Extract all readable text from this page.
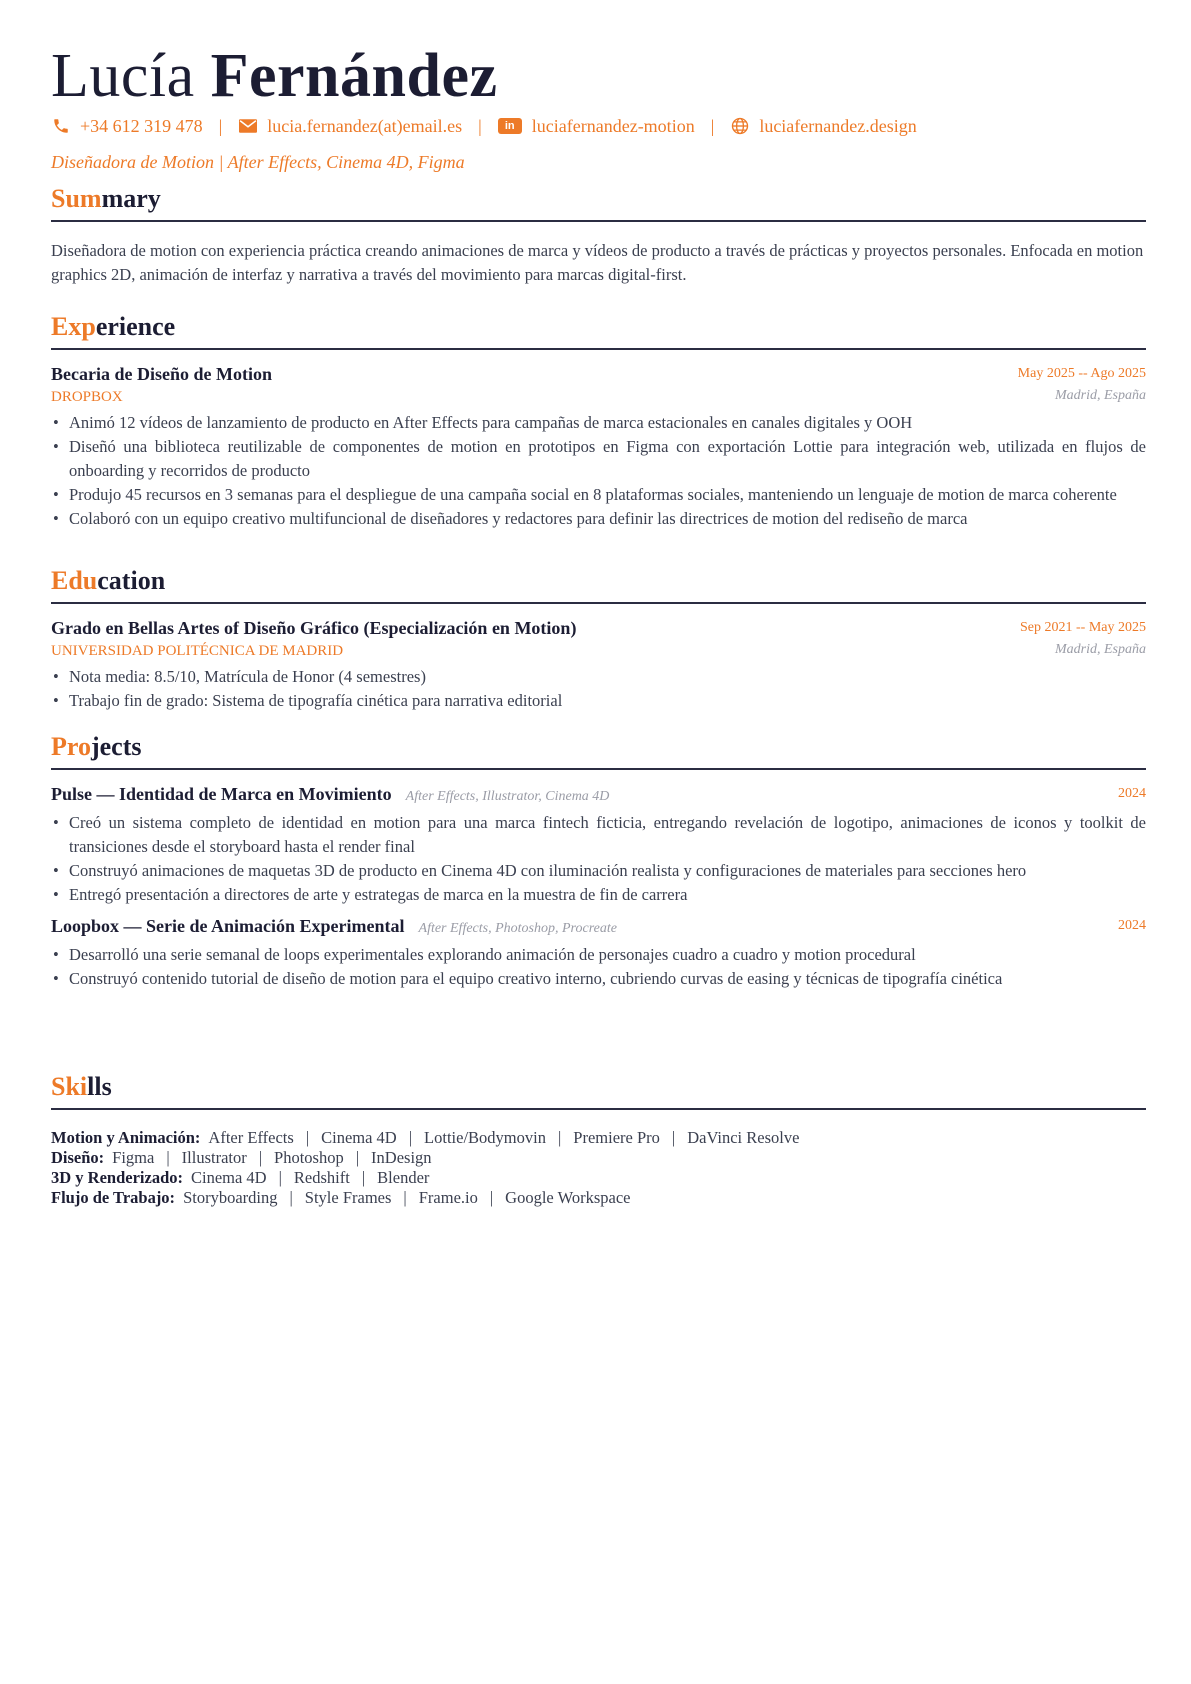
Lucía Fernández
+34 612 319 478 |	lucia.fernandez(at)email.es |	in luciafernandez-motion |	luciafernandez.design
Diseñadora de Motion | After Effects, Cinema 4D, Figma
Summary
Diseñadora de motion con experiencia práctica creando animaciones de marca y vídeos de producto a través de prácticas y proyectos personales. Enfocada en motion graphics 2D, animación de interfaz y narrativa a través del movimiento para marcas digital-first.
Experience
Becaria de Diseño de Motion	May 2025 -- Ago 2025
DROPBOX	Madrid, España
• Animó 12 vídeos de lanzamiento de producto en After Effects para campañas de marca estacionales en canales digitales y OOH
• Diseñó una biblioteca reutilizable de componentes de motion en prototipos en Figma con exportación Lottie para integración web, utilizada en flujos de onboarding y recorridos de producto
• Produjo 45 recursos en 3 semanas para el despliegue de una campaña social en 8 plataformas sociales, manteniendo un lenguaje de motion de marca coherente
• Colaboró con un equipo creativo multifuncional de diseñadores y redactores para definir las directrices de motion del rediseño de marca
Education
Grado en Bellas Artes of Diseño Gráfico (Especialización en Motion)	Sep 2021 -- May 2025
UNIVERSIDAD POLITÉCNICA DE MADRID	Madrid, España
• Nota media: 8.5/10, Matrícula de Honor (4 semestres)
• Trabajo fin de grado: Sistema de tipografía cinética para narrativa editorial
Projects
Pulse — Identidad de Marca en Movimiento After Effects, Illustrator, Cinema 4D	2024
• Creó un sistema completo de identidad en motion para una marca fintech ficticia, entregando revelación de logotipo, animaciones de iconos y toolkit de transiciones desde el storyboard hasta el render final
• Construyó animaciones de maquetas 3D de producto en Cinema 4D con iluminación realista y configuraciones de materiales para secciones hero
• Entregó presentación a directores de arte y estrategas de marca en la muestra de fin de carrera
Loopbox — Serie de Animación Experimental After Effects, Photoshop, Procreate	2024
• Desarrolló una serie semanal de loops experimentales explorando animación de personajes cuadro a cuadro y motion procedural
• Construyó contenido tutorial de diseño de motion para el equipo creativo interno, cubriendo curvas de easing y técnicas de tipografía cinética
Skills
Motion y Animación: After Effects | Cinema 4D | Lottie/Bodymovin | Premiere Pro | DaVinci Resolve
Diseño: Figma | Illustrator | Photoshop | InDesign
3D y Renderizado: Cinema 4D | Redshift | Blender
Flujo de Trabajo: Storyboarding | Style Frames | Frame.io | Google Workspace
